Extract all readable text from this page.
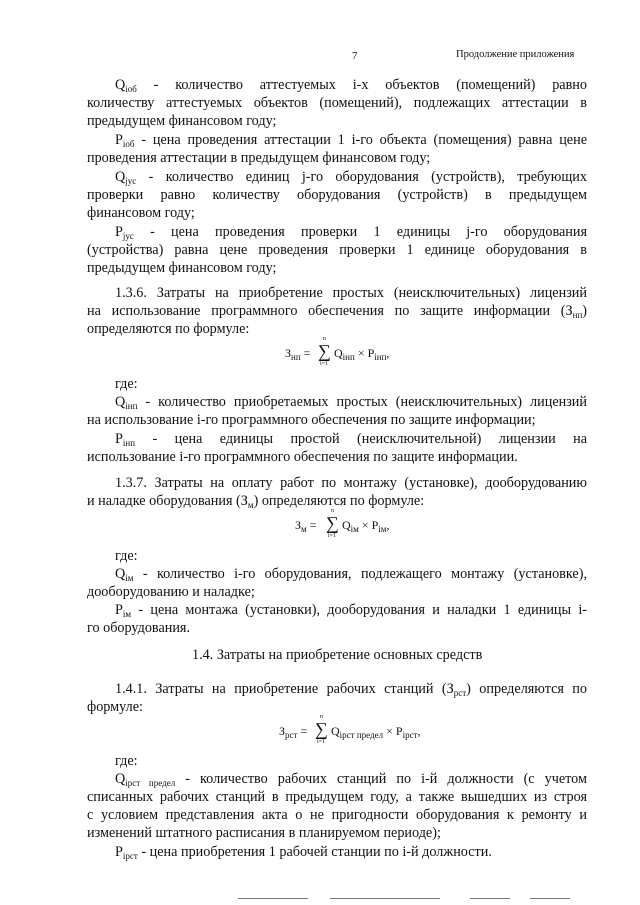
7	Продолжение приложения
$Q_{iоб}$ - количество аттестуемых i-х объектов (помещений) равно
количеству аттестуемых объектов (помещений), подлежащих аттестации в
предыдущем финансовом году;
$P_{iоб}$ - цена проведения аттестации 1 i-го объекта (помещения) равна цене
проведения аттестации в предыдущем финансовом году;
$Q_{jус}$ - количество единиц j-го оборудования (устройств), требующих
проверки равно количеству оборудования (устройств) в предыдущем
финансовом году;
$P_{jус}$ - цена проведения проверки 1 единицы j-го оборудования
(устройства) равна цене проведения проверки 1 единице оборудования в
предыдущем финансовом году;
1.3.6. Затраты на приобретение простых (неисключительных) лицензий
на использование программного обеспечения по защите информации $(З_{нп})$
определяются по формуле:
$З_{нп}$ =
n
∑
i=1
$Q_{iнп} \times P_{iнп}$,
где:
$Q_{iнп}$ - количество приобретаемых простых (неисключительных) лицензий
на использование i-го программного обеспечения по защите информации;
$P_{iнп}$ - цена единицы простой (неисключительной) лицензии на
использование i-го программного обеспечения по защите информации.
1.3.7. Затраты на оплату работ по монтажу (установке), дооборудованию
и наладке оборудования $(З_м)$ определяются по формуле:
$З_м$ =
n
∑
i=1
$Q_{iм} \times P_{iм}$,
где:
$Q_{iм}$ - количество i-го оборудования, подлежащего монтажу (установке),
дооборудованию и наладке;
$P_{iм}$ - цена монтажа (установки), дооборудования и наладки 1 единицы i-
го оборудования.
1.4. Затраты на приобретение основных средств
1.4.1. Затраты на приобретение рабочих станций $(З_{рст})$ определяются по
формуле:
$З_{рст}$ =
n
∑
i=1
$Q_{iрст предел} \times P_{iрст}$,
где:
$Q_{iрст предел}$ - количество рабочих станций по i-й должности (с учетом
списанных рабочих станций в предыдущем году, а также вышедших из строя
с условием представления акта о не пригодности оборудования к ремонту и
изменений штатного расписания в планируемом периоде);
$P_{iрст}$ - цена приобретения 1 рабочей станции по i-й должности.
